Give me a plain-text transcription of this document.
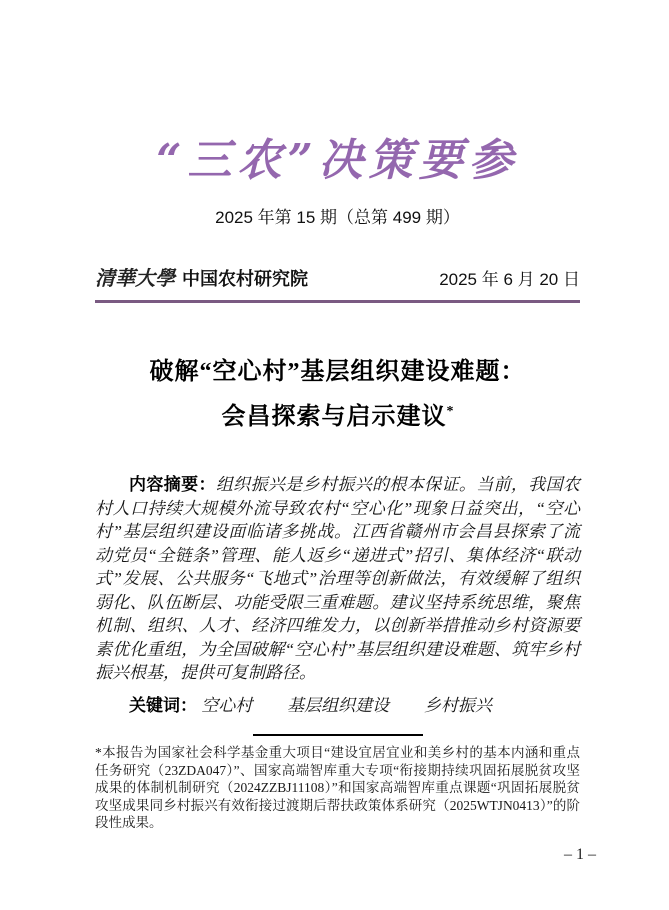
“三农”决策要参
2025 年第 15 期（总第 499 期）
清華大學 中国农村研究院	2025 年 6 月 20 日
破解“空心村”基层组织建设难题：
会昌探索与启示建议*

内容摘要：组织振兴是乡村振兴的根本保证。当前，我国农村人口持续大规模外流导致农村“空心化”现象日益突出，“空心村”基层组织建设面临诸多挑战。江西省赣州市会昌县探索了流动党员“全链条”管理、能人返乡“递进式”招引、集体经济“联动式”发展、公共服务“飞地式”治理等创新做法，有效缓解了组织弱化、队伍断层、功能受限三重难题。建议坚持系统思维，聚焦机制、组织、人才、经济四维发力，以创新举措推动乡村资源要素优化重组，为全国破解“空心村”基层组织建设难题、筑牢乡村振兴根基，提供可复制路径。

关键词： 空心村 基层组织建设 乡村振兴

*本报告为国家社会科学基金重大项目“建设宜居宜业和美乡村的基本内涵和重点任务研究（23ZDA047）”、国家高端智库重大专项“衔接期持续巩固拓展脱贫攻坚成果的体制机制研究（2024ZZBJ11108）”和国家高端智库重点课题“巩固拓展脱贫攻坚成果同乡村振兴有效衔接过渡期后帮扶政策体系研究（2025WTJN0413）”的阶段性成果。

– 1 –
